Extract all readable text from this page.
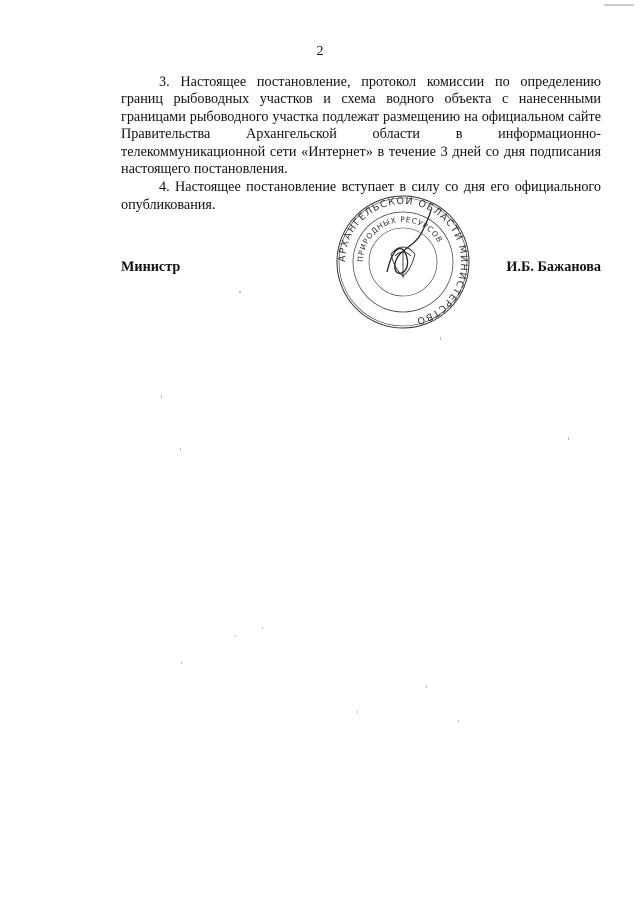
2

3. Настоящее постановление, протокол комиссии по определению границ рыбоводных участков и схема водного объекта с нанесенными границами рыбоводного участка подлежат размещению на официальном сайте Правительства Архангельской области в информационно-телекоммуникационной сети «Интернет» в течение 3 дней со дня подписания настоящего постановления.

4. Настоящее постановление вступает в силу со дня его официального опубликования.

Министр	И.Б. Бажанова
АРХАНГЕЛЬСКОЙ ОБЛАСТИ МИНИСТЕРСТВО
ПРИРОДНЫХ РЕСУРСОВ
